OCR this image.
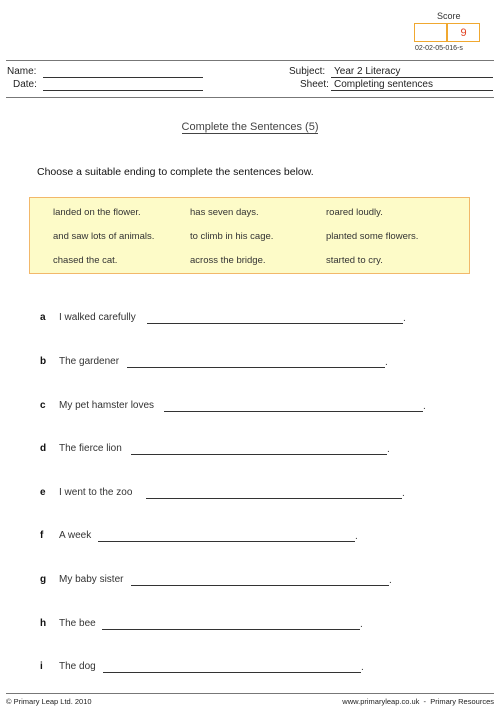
Score
9
02-02-05-016-s
Name:
Date:
Subject: Year 2 Literacy
Sheet: Completing sentences
Complete the Sentences (5)
Choose a suitable ending to complete the sentences below.
landed on the flower.	has seven days.	roared loudly.
and saw lots of animals.	to climb in his cage.	planted some flowers.
chased the cat.	across the bridge.	started to cry.
a I walked carefully	.
b The gardener	.
c My pet hamster loves	.
d The fierce lion	.
e I went to the zoo	.
f A week	.
g My baby sister	.
h The bee	.
i The dog	.
© Primary Leap Ltd. 2010	www.primaryleap.co.uk  -  Primary Resources
